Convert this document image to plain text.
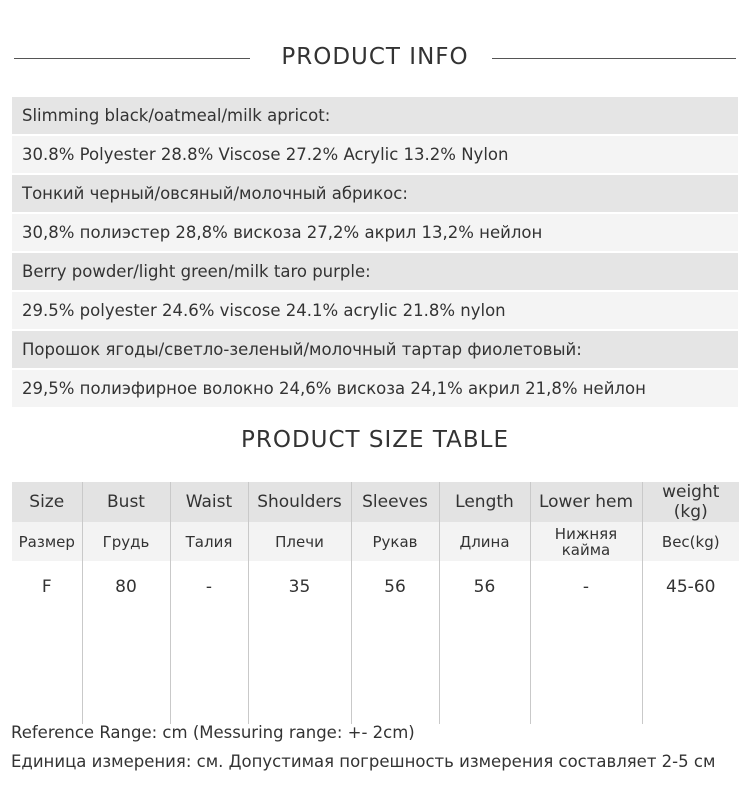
PRODUCT INFO
Slimming black/oatmeal/milk apricot:
30.8% Polyester 28.8% Viscose 27.2% Acrylic 13.2% Nylon
Тонкий черный/овсяный/молочный абрикос:
30,8% полиэстер 28,8% вискоза 27,2% акрил 13,2% нейлон
Berry powder/light green/milk taro purple:
29.5% polyester 24.6% viscose 24.1% acrylic 21.8% nylon
Порошок ягоды/светло-зеленый/молочный тартар фиолетовый:
29,5% полиэфирное волокно 24,6% вискоза 24,1% акрил 21,8% нейлон
PRODUCT SIZE TABLE
Size	Bust	Waist	Shoulders	Sleeves	Length	Lower hem	weight (kg)
Размер	Грудь	Талия	Плечи	Рукав	Длина	Нижняя кайма	Вес(kg)
F	80	-	35	56	56	-	45-60
Reference Range: cm (Messuring range: +- 2cm)
Единица измерения: см. Допустимая погрешность измерения составляет 2-5 см
